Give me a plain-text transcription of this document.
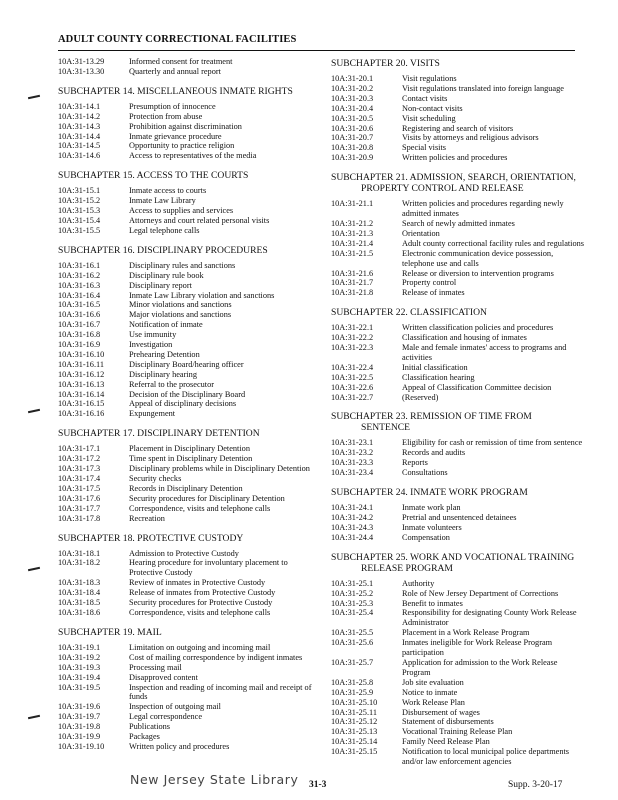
ADULT COUNTY CORRECTIONAL FACILITIES
10A:31-13.29	Informed consent for treatment
10A:31-13.30	Quarterly and annual report
SUBCHAPTER 14. MISCELLANEOUS INMATE RIGHTS
10A:31-14.1	Presumption of innocence
10A:31-14.2	Protection from abuse
10A:31-14.3	Prohibition against discrimination
10A:31-14.4	Inmate grievance procedure
10A:31-14.5	Opportunity to practice religion
10A:31-14.6	Access to representatives of the media
SUBCHAPTER 15. ACCESS TO THE COURTS
10A:31-15.1	Inmate access to courts
10A:31-15.2	Inmate Law Library
10A:31-15.3	Access to supplies and services
10A:31-15.4	Attorneys and court related personal visits
10A:31-15.5	Legal telephone calls
SUBCHAPTER 16. DISCIPLINARY PROCEDURES
10A:31-16.1	Disciplinary rules and sanctions
10A:31-16.2	Disciplinary rule book
10A:31-16.3	Disciplinary report
10A:31-16.4	Inmate Law Library violation and sanctions
10A:31-16.5	Minor violations and sanctions
10A:31-16.6	Major violations and sanctions
10A:31-16.7	Notification of inmate
10A:31-16.8	Use immunity
10A:31-16.9	Investigation
10A:31-16.10	Prehearing Detention
10A:31-16.11	Disciplinary Board/hearing officer
10A:31-16.12	Disciplinary hearing
10A:31-16.13	Referral to the prosecutor
10A:31-16.14	Decision of the Disciplinary Board
10A:31-16.15	Appeal of disciplinary decisions
10A:31-16.16	Expungement
SUBCHAPTER 17. DISCIPLINARY DETENTION
10A:31-17.1	Placement in Disciplinary Detention
10A:31-17.2	Time spent in Disciplinary Detention
10A:31-17.3	Disciplinary problems while in Disciplinary Detention
10A:31-17.4	Security checks
10A:31-17.5	Records in Disciplinary Detention
10A:31-17.6	Security procedures for Disciplinary Detention
10A:31-17.7	Correspondence, visits and telephone calls
10A:31-17.8	Recreation
SUBCHAPTER 18. PROTECTIVE CUSTODY
10A:31-18.1	Admission to Protective Custody
10A:31-18.2	Hearing procedure for involuntary placement to Protective Custody
10A:31-18.3	Review of inmates in Protective Custody
10A:31-18.4	Release of inmates from Protective Custody
10A:31-18.5	Security procedures for Protective Custody
10A:31-18.6	Correspondence, visits and telephone calls
SUBCHAPTER 19. MAIL
10A:31-19.1	Limitation on outgoing and incoming mail
10A:31-19.2	Cost of mailing correspondence by indigent inmates
10A:31-19.3	Processing mail
10A:31-19.4	Disapproved content
10A:31-19.5	Inspection and reading of incoming mail and receipt of funds
10A:31-19.6	Inspection of outgoing mail
10A:31-19.7	Legal correspondence
10A:31-19.8	Publications
10A:31-19.9	Packages
10A:31-19.10	Written policy and procedures
SUBCHAPTER 20. VISITS
10A:31-20.1	Visit regulations
10A:31-20.2	Visit regulations translated into foreign language
10A:31-20.3	Contact visits
10A:31-20.4	Non-contact visits
10A:31-20.5	Visit scheduling
10A:31-20.6	Registering and search of visitors
10A:31-20.7	Visits by attorneys and religious advisors
10A:31-20.8	Special visits
10A:31-20.9	Written policies and procedures
SUBCHAPTER 21. ADMISSION, SEARCH, ORIENTATION,
PROPERTY CONTROL AND RELEASE
10A:31-21.1	Written policies and procedures regarding newly admitted inmates
10A:31-21.2	Search of newly admitted inmates
10A:31-21.3	Orientation
10A:31-21.4	Adult county correctional facility rules and regulations
10A:31-21.5	Electronic communication device possession, telephone use and calls
10A:31-21.6	Release or diversion to intervention programs
10A:31-21.7	Property control
10A:31-21.8	Release of inmates
SUBCHAPTER 22. CLASSIFICATION
10A:31-22.1	Written classification policies and procedures
10A:31-22.2	Classification and housing of inmates
10A:31-22.3	Male and female inmates' access to programs and activities
10A:31-22.4	Initial classification
10A:31-22.5	Classification hearing
10A:31-22.6	Appeal of Classification Committee decision
10A:31-22.7	(Reserved)
SUBCHAPTER 23. REMISSION OF TIME FROM
SENTENCE
10A:31-23.1	Eligibility for cash or remission of time from sentence
10A:31-23.2	Records and audits
10A:31-23.3	Reports
10A:31-23.4	Consultations
SUBCHAPTER 24. INMATE WORK PROGRAM
10A:31-24.1	Inmate work plan
10A:31-24.2	Pretrial and unsentenced detainees
10A:31-24.3	Inmate volunteers
10A:31-24.4	Compensation
SUBCHAPTER 25. WORK AND VOCATIONAL TRAINING
RELEASE PROGRAM
10A:31-25.1	Authority
10A:31-25.2	Role of New Jersey Department of Corrections
10A:31-25.3	Benefit to inmates
10A:31-25.4	Responsibility for designating County Work Release Administrator
10A:31-25.5	Placement in a Work Release Program
10A:31-25.6	Inmates ineligible for Work Release Program participation
10A:31-25.7	Application for admission to the Work Release Program
10A:31-25.8	Job site evaluation
10A:31-25.9	Notice to inmate
10A:31-25.10	Work Release Plan
10A:31-25.11	Disbursement of wages
10A:31-25.12	Statement of disbursements
10A:31-25.13	Vocational Training Release Plan
10A:31-25.14	Family Need Release Plan
10A:31-25.15	Notification to local municipal police departments and/or law enforcement agencies
New Jersey State Library 31-3	Supp. 3-20-17
